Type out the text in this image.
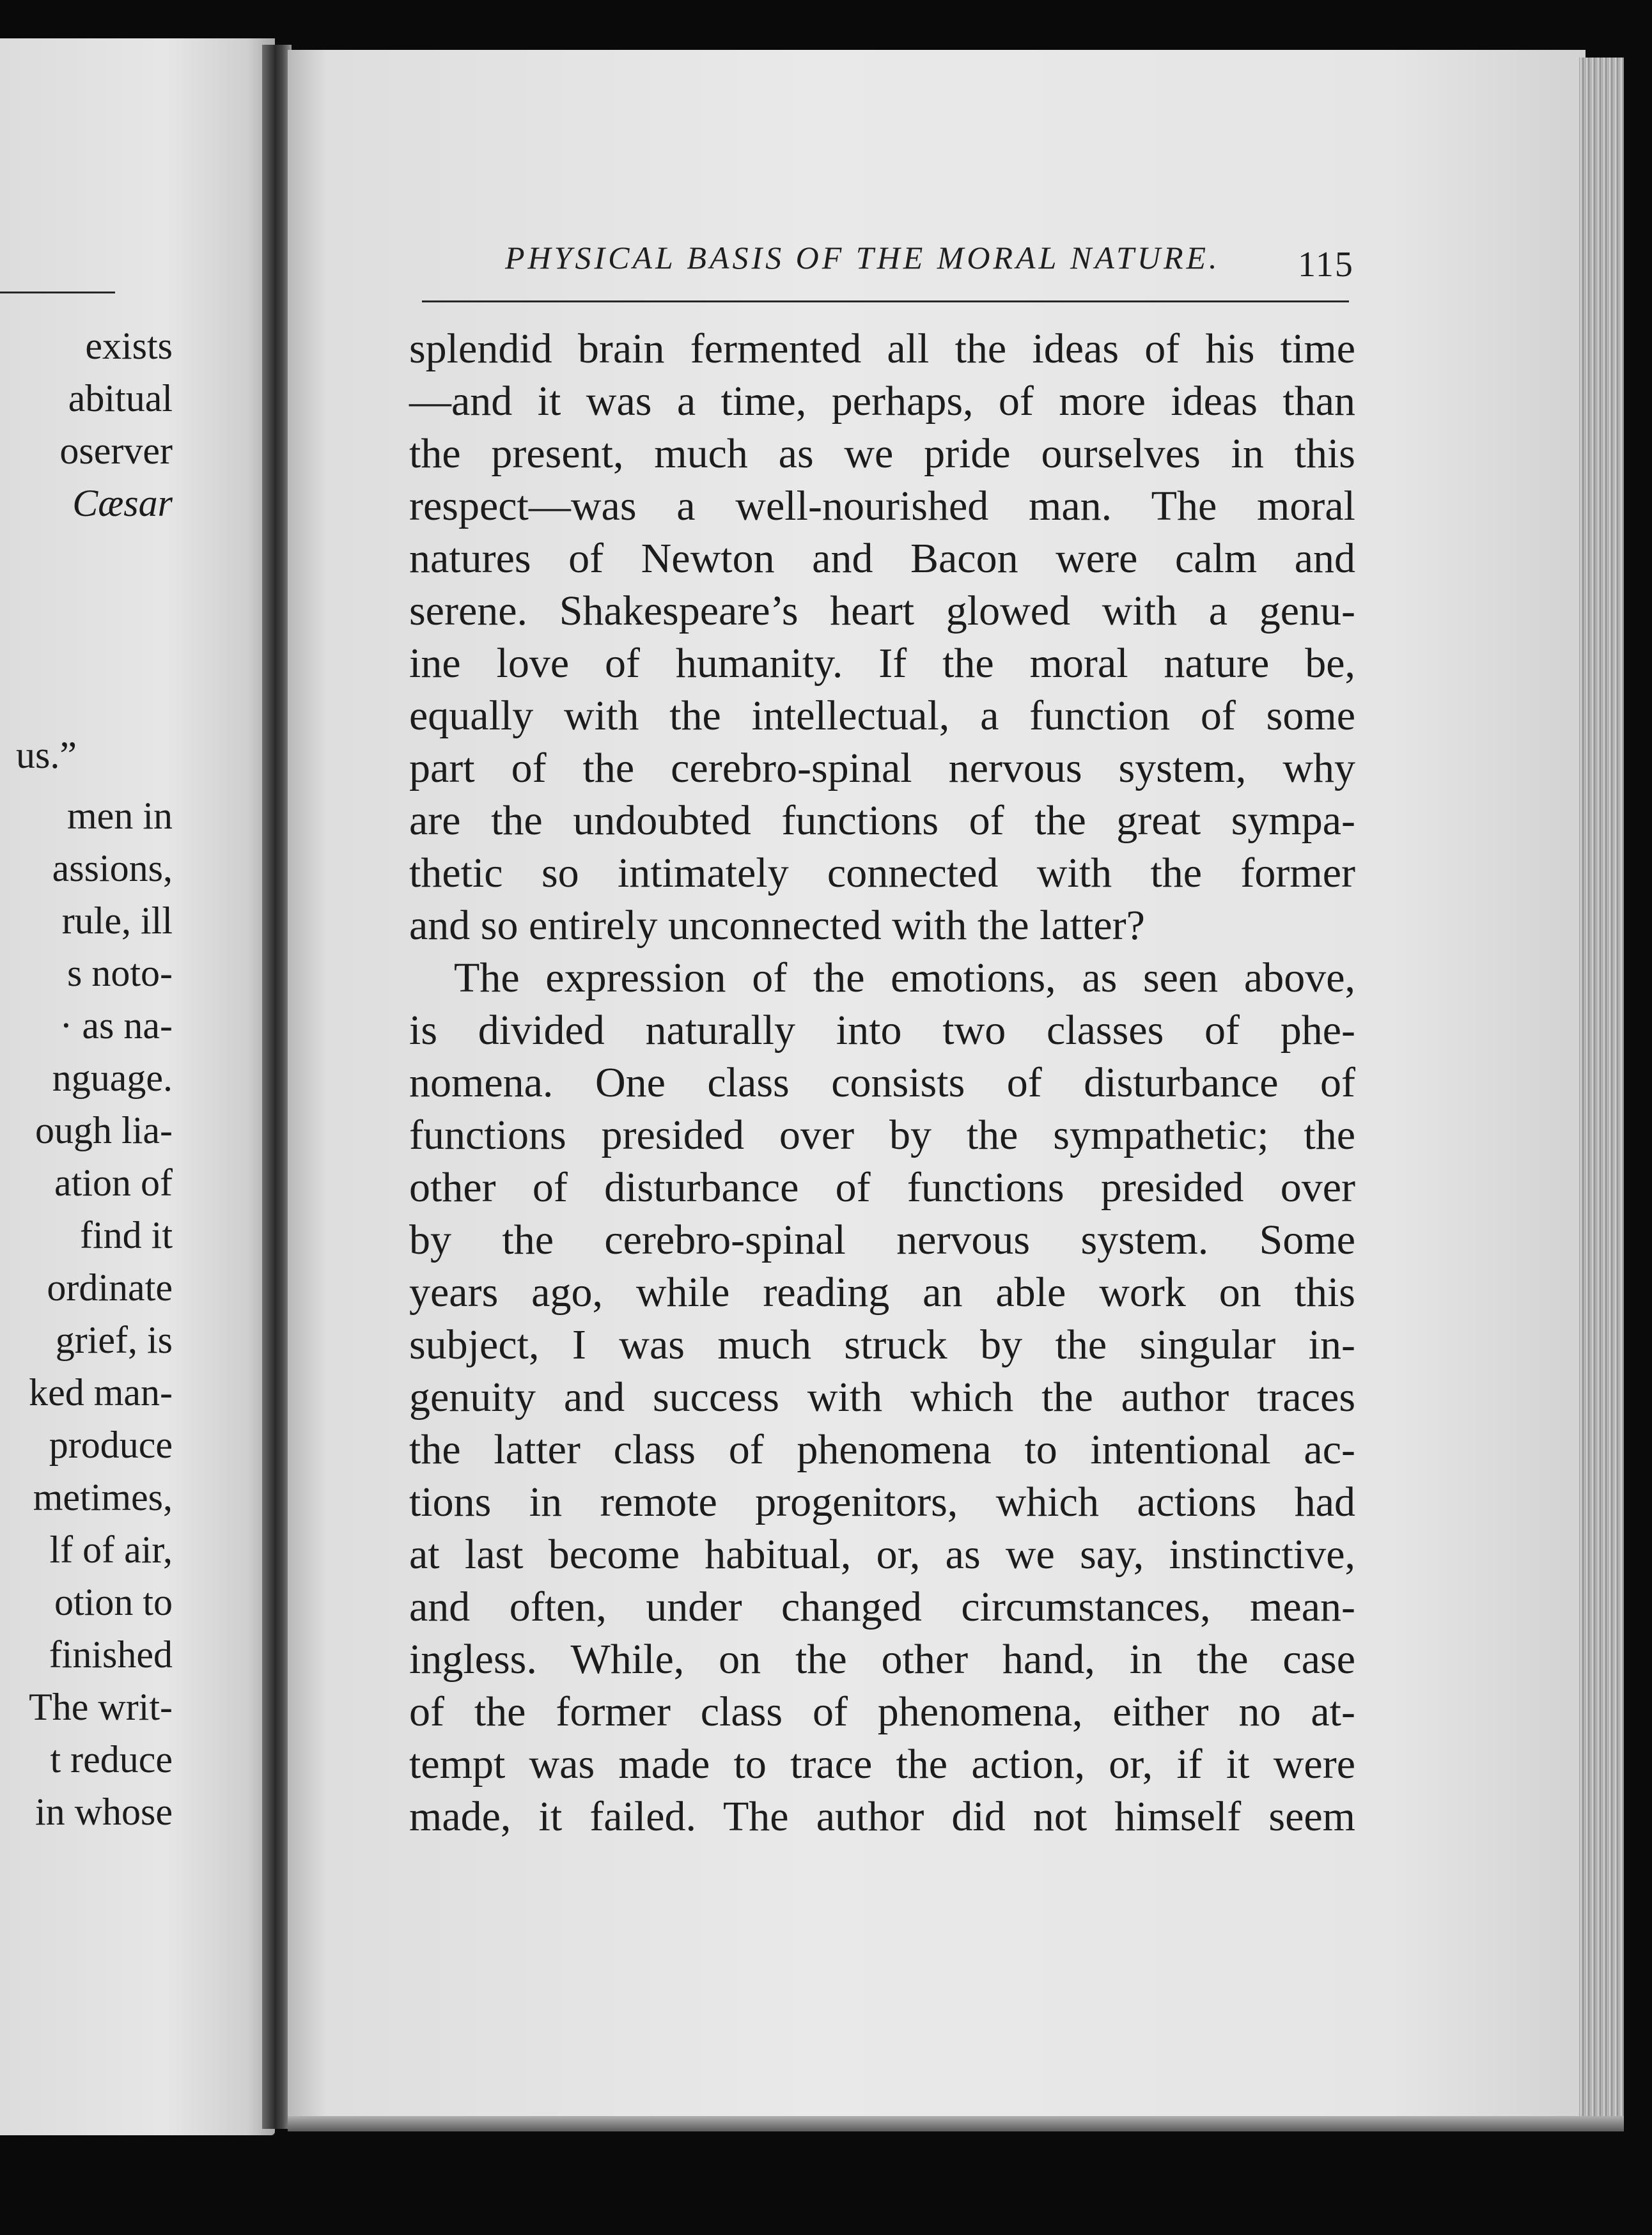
exists
abitual
oserver
Cæsar
us.”
men in
assions,
rule, ill
s noto-
· as na-
nguage.
ough lia-
ation of
find it
ordinate
grief, is
ked man-
produce
metimes,
lf of air,
otion to
finished
The writ-
t reduce
in whose
PHYSICAL BASIS OF THE MORAL NATURE. 115
splendid brain fermented all the ideas of his time
—and it was a time, perhaps, of more ideas than
the present, much as we pride ourselves in this
respect—was a well-nourished man. The moral
natures of Newton and Bacon were calm and
serene. Shakespeare’s heart glowed with a genu-
ine love of humanity. If the moral nature be,
equally with the intellectual, a function of some
part of the cerebro-spinal nervous system, why
are the undoubted functions of the great sympa-
thetic so intimately connected with the former
and so entirely unconnected with the latter?
The expression of the emotions, as seen above,
is divided naturally into two classes of phe-
nomena. One class consists of disturbance of
functions presided over by the sympathetic; the
other of disturbance of functions presided over
by the cerebro-spinal nervous system. Some
years ago, while reading an able work on this
subject, I was much struck by the singular in-
genuity and success with which the author traces
the latter class of phenomena to intentional ac-
tions in remote progenitors, which actions had
at last become habitual, or, as we say, instinctive,
and often, under changed circumstances, mean-
ingless. While, on the other hand, in the case
of the former class of phenomena, either no at-
tempt was made to trace the action, or, if it were
made, it failed. The author did not himself seem
